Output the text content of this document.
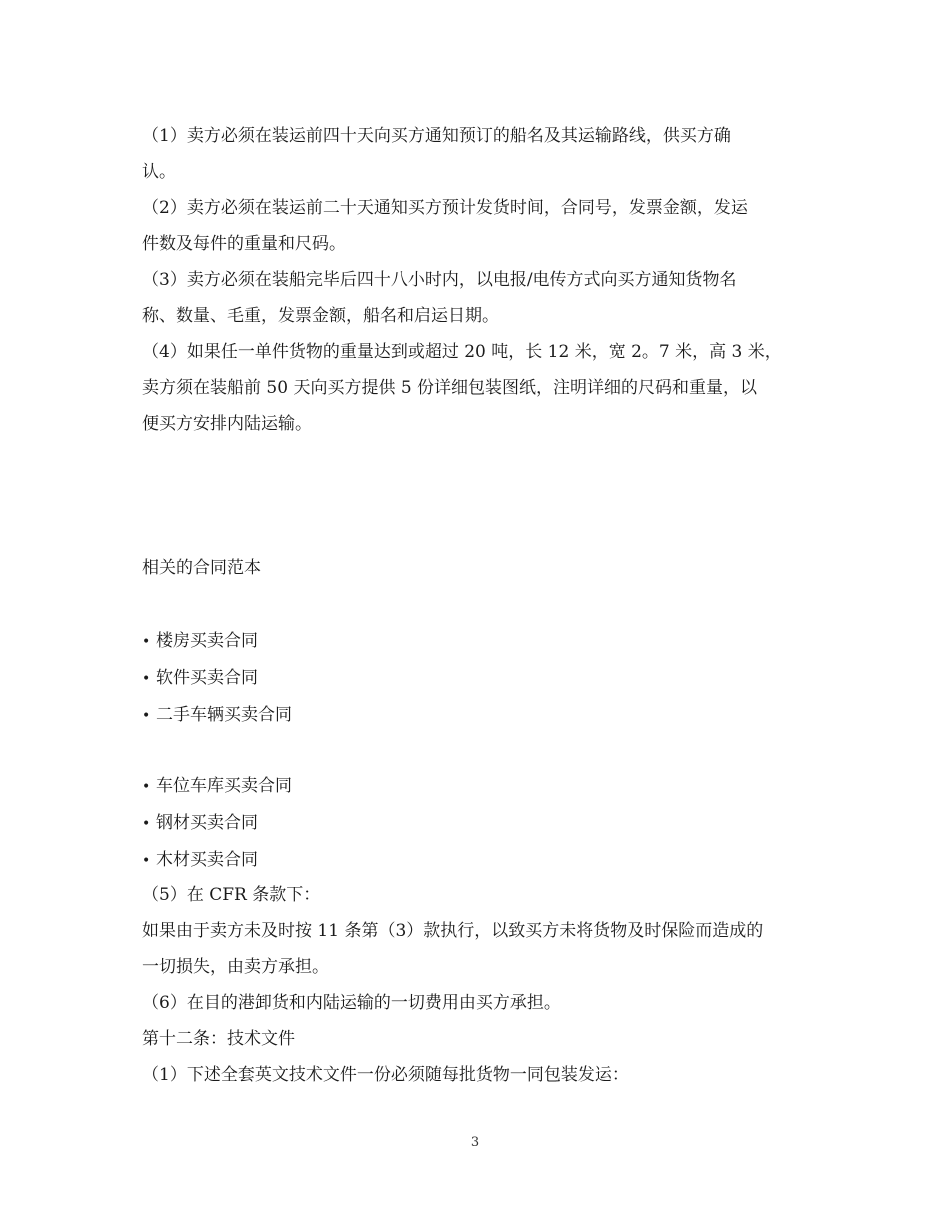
（1）卖方必须在装运前四十天向买方通知预订的船名及其运输路线，供买方确
认。
（2）卖方必须在装运前二十天通知买方预计发货时间，合同号，发票金额，发运
件数及每件的重量和尺码。
（3）卖方必须在装船完毕后四十八小时内，以电报/电传方式向买方通知货物名
称、数量、毛重，发票金额，船名和启运日期。
（4）如果任一单件货物的重量达到或超过 20 吨，长 12 米，宽 2。7 米，高 3 米，
卖方须在装船前 50 天向买方提供 5 份详细包装图纸，注明详细的尺码和重量，以
便买方安排内陆运输。
相关的合同范本
• 楼房买卖合同
• 软件买卖合同
• 二手车辆买卖合同
• 车位车库买卖合同
• 钢材买卖合同
• 木材买卖合同
（5）在 CFR 条款下：
如果由于卖方未及时按 11 条第（3）款执行，以致买方未将货物及时保险而造成的
一切损失，由卖方承担。
（6）在目的港卸货和内陆运输的一切费用由买方承担。
第十二条：技术文件
（1）下述全套英文技术文件一份必须随每批货物一同包装发运：
3
